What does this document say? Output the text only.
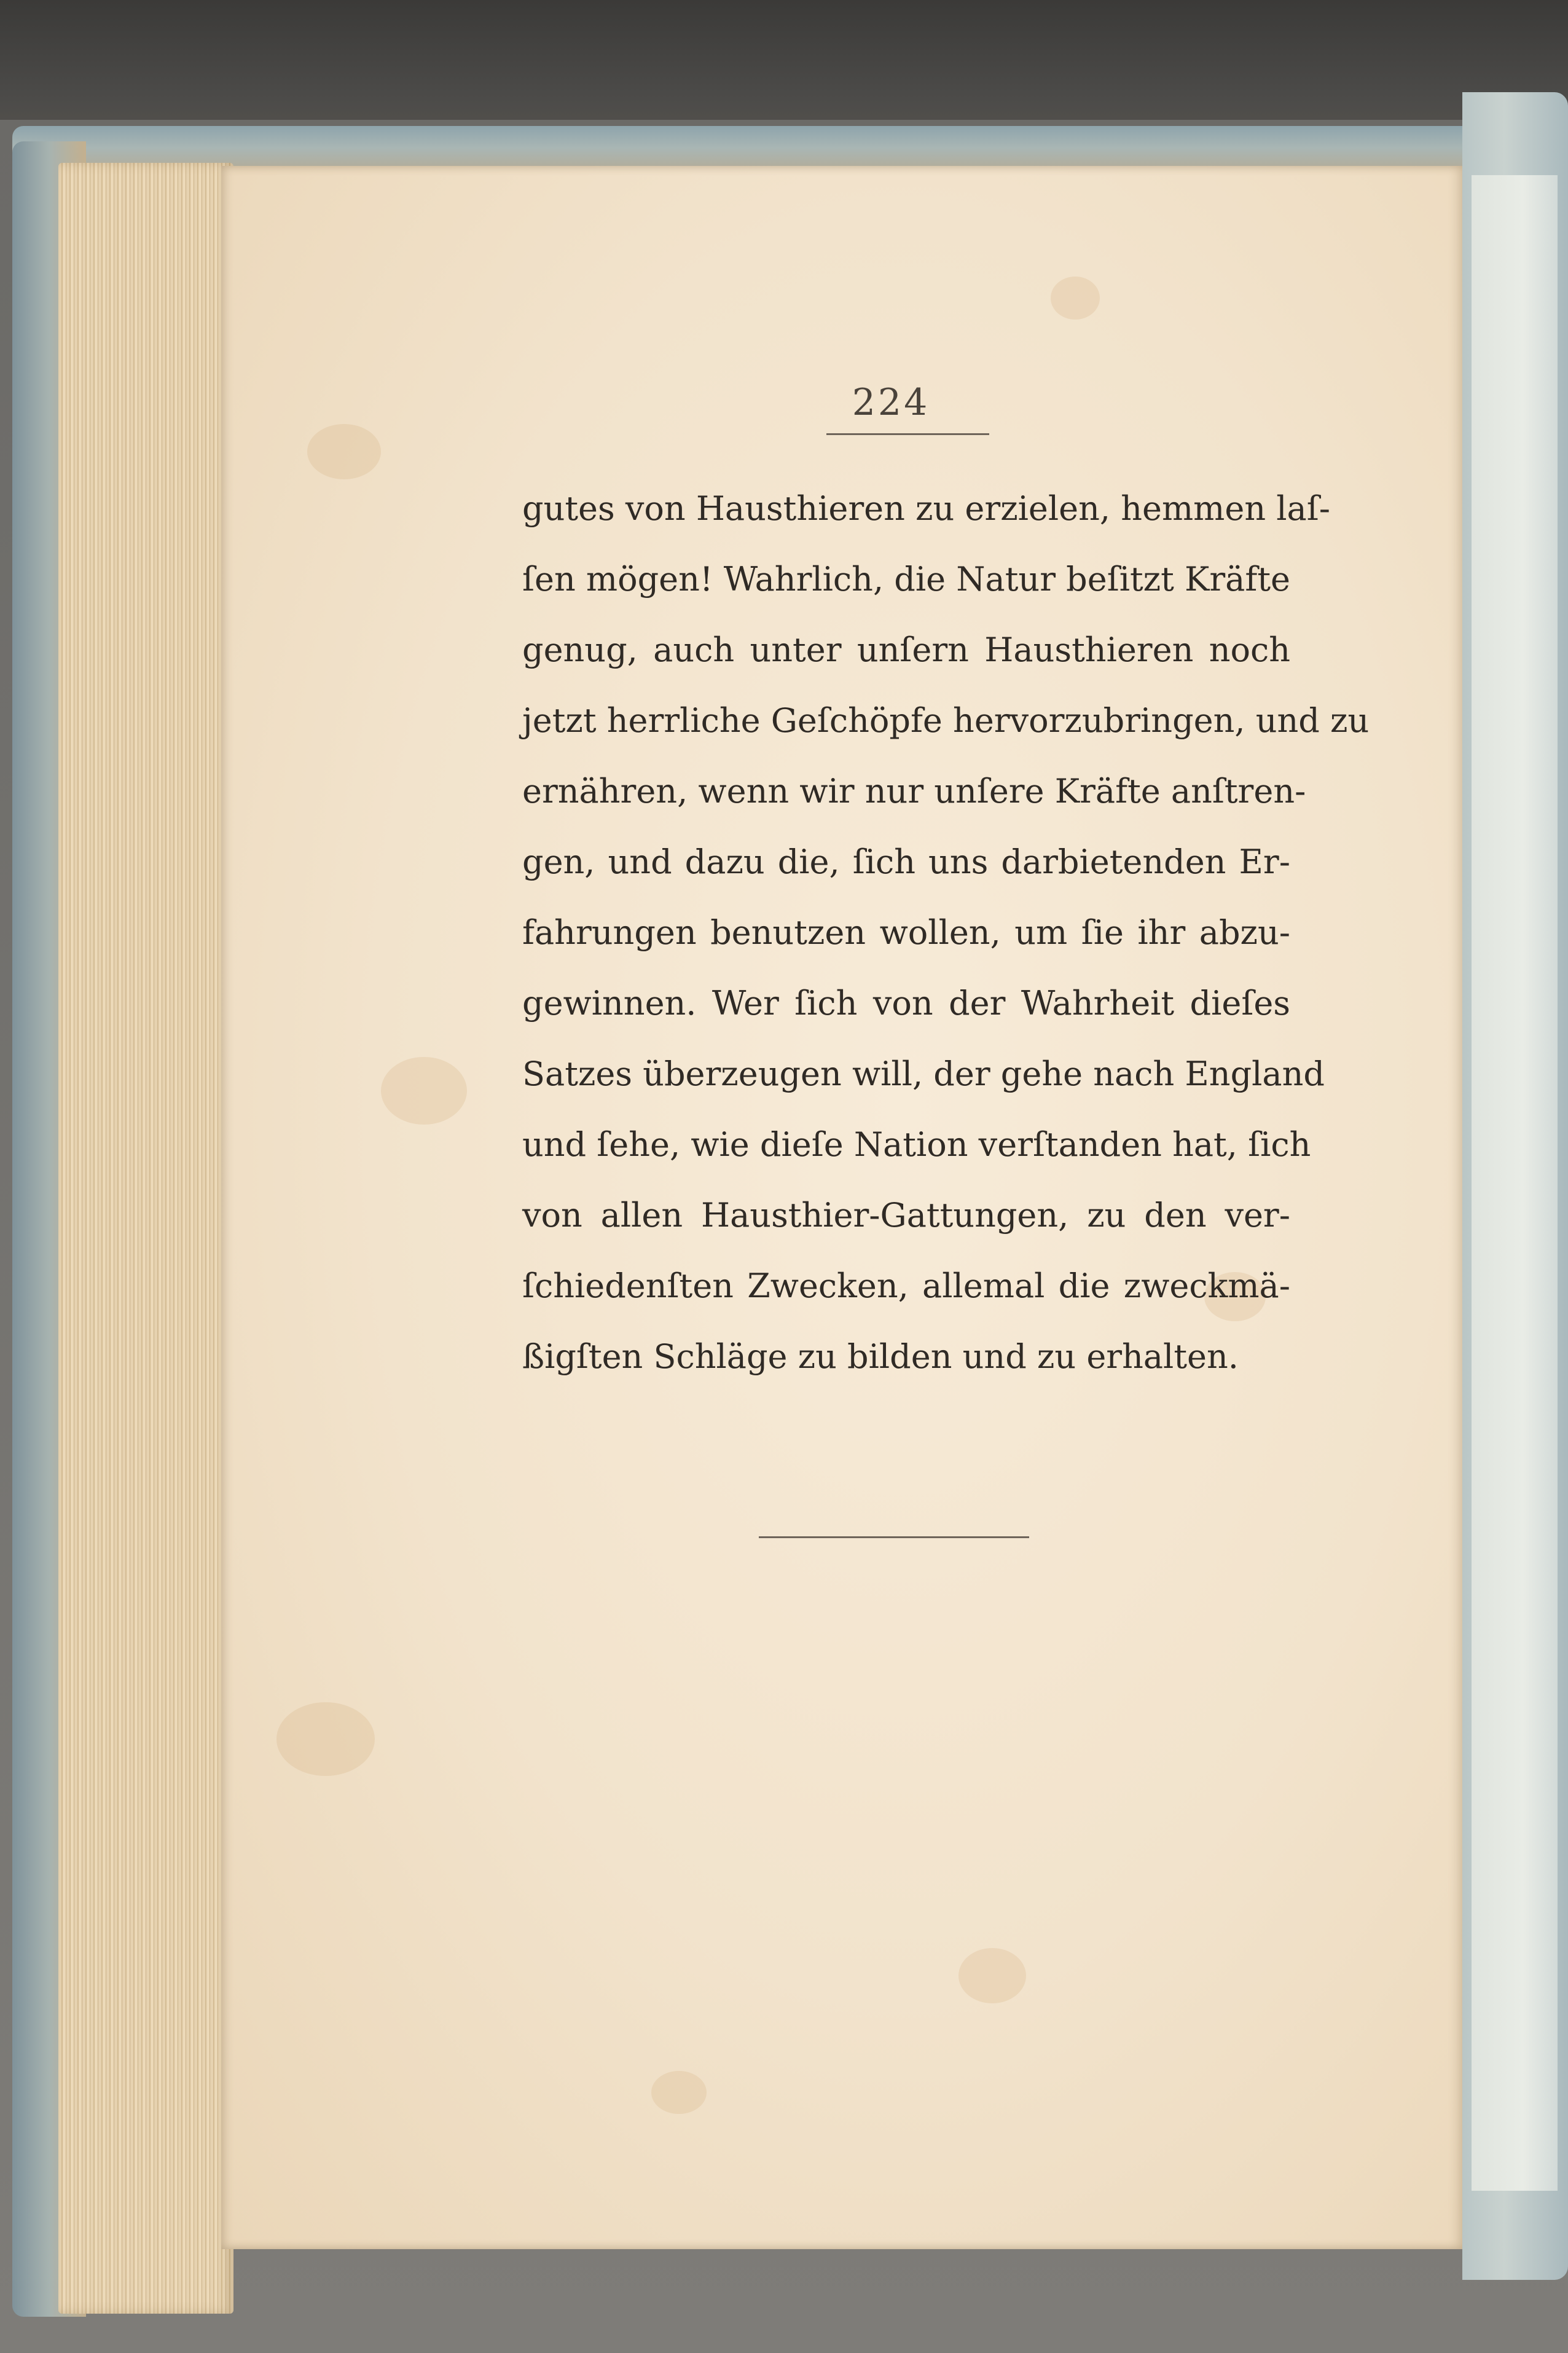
224
gutes von Hausthieren zu erzielen, hemmen laſ-
ſen mögen! Wahrlich, die Natur beſitzt Kräfte
genug, auch unter unſern Hausthieren noch
jetzt herrliche Geſchöpfe hervorzubringen, und zu
ernähren, wenn wir nur unſere Kräfte anſtren-
gen, und dazu die, ſich uns darbietenden Er-
fahrungen benutzen wollen, um ſie ihr abzu-
gewinnen. Wer ſich von der Wahrheit dieſes
Satzes überzeugen will, der gehe nach England
und ſehe, wie dieſe Nation verſtanden hat, ſich
von allen Hausthier-Gattungen, zu den ver-
ſchiedenſten Zwecken, allemal die zweckmä-
ßigſten Schläge zu bilden und zu erhalten.
